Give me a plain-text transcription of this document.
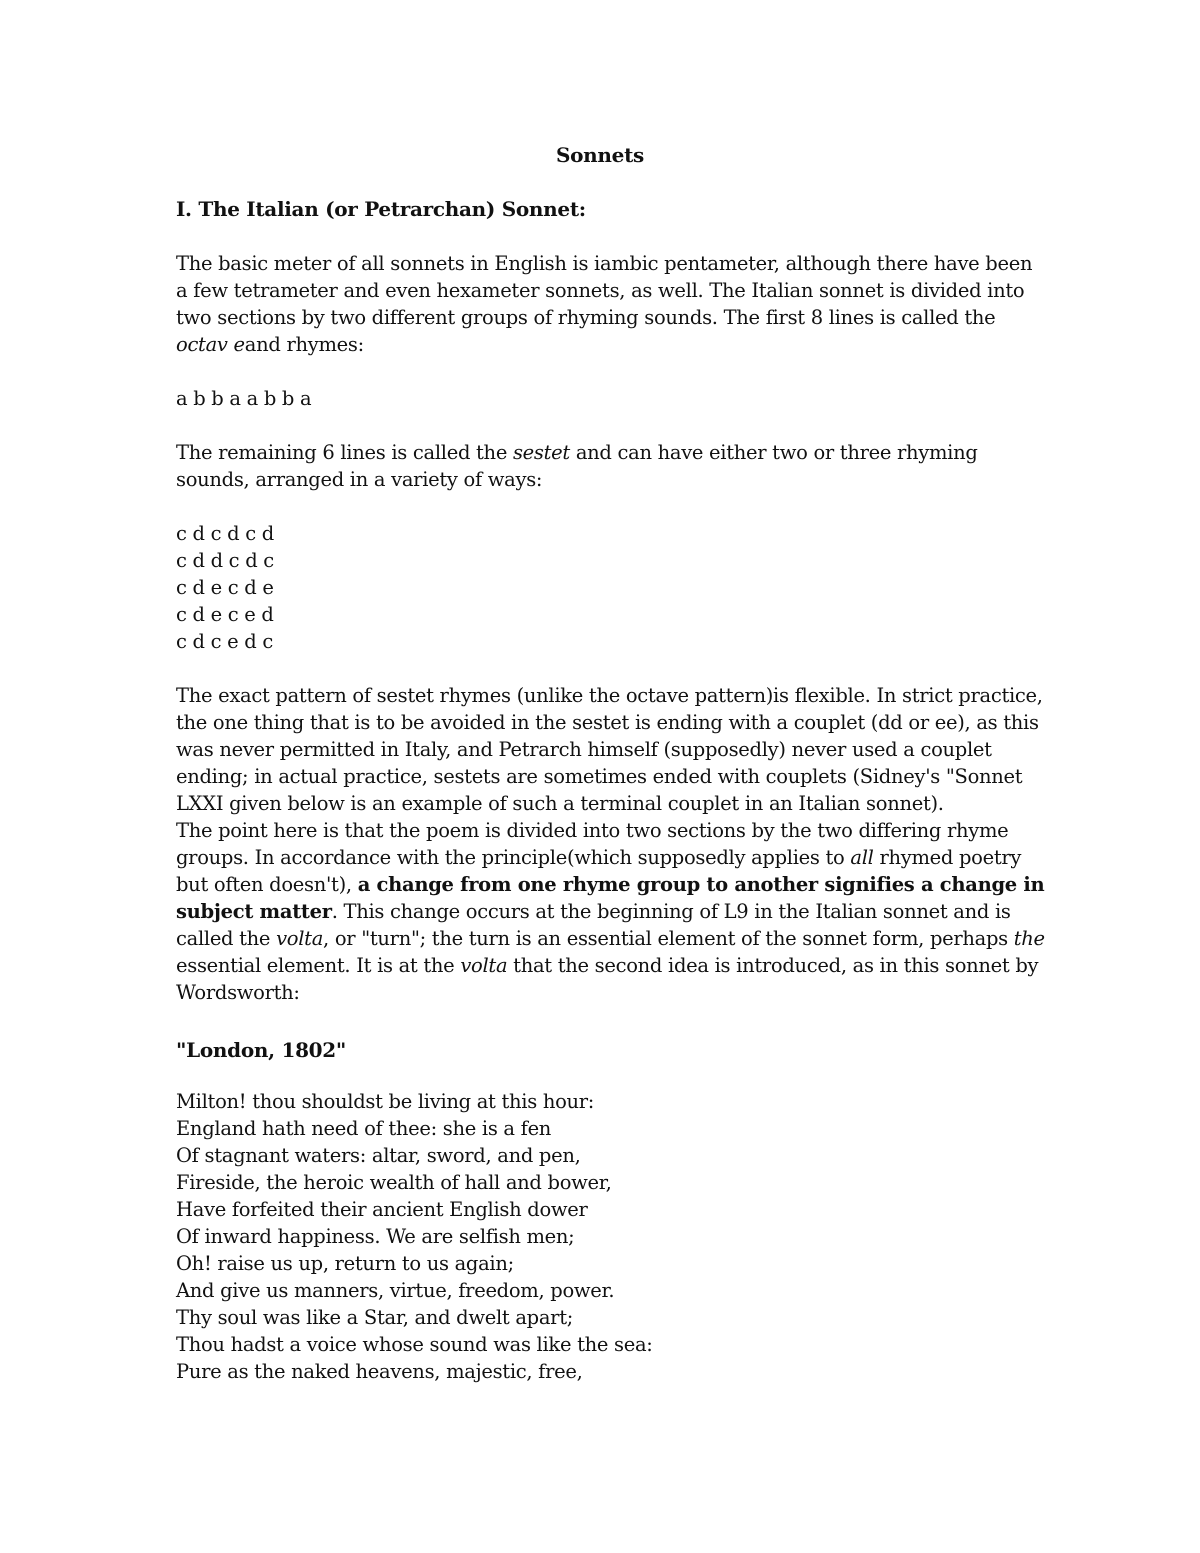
Sonnets
I. The Italian (or Petrarchan) Sonnet:
The basic meter of all sonnets in English is iambic pentameter, although there have been
a few tetrameter and even hexameter sonnets, as well. The Italian sonnet is divided into
two sections by two different groups of rhyming sounds. The first 8 lines is called the
octav eand rhymes:
a b b a a b b a
The remaining 6 lines is called the sestet and can have either two or three rhyming
sounds, arranged in a variety of ways:
c d c d c d
c d d c d c
c d e c d e
c d e c e d
c d c e d c
The exact pattern of sestet rhymes (unlike the octave pattern)is flexible. In strict practice,
the one thing that is to be avoided in the sestet is ending with a couplet (dd or ee), as this
was never permitted in Italy, and Petrarch himself (supposedly) never used a couplet
ending; in actual practice, sestets are sometimes ended with couplets (Sidney's "Sonnet
LXXI given below is an example of such a terminal couplet in an Italian sonnet).
The point here is that the poem is divided into two sections by the two differing rhyme
groups. In accordance with the principle(which supposedly applies to all rhymed poetry
but often doesn't), a change from one rhyme group to another signifies a change in
subject matter. This change occurs at the beginning of L9 in the Italian sonnet and is
called the volta, or "turn"; the turn is an essential element of the sonnet form, perhaps the
essential element. It is at the volta that the second idea is introduced, as in this sonnet by
Wordsworth:
"London, 1802"
Milton! thou shouldst be living at this hour:
England hath need of thee: she is a fen
Of stagnant waters: altar, sword, and pen,
Fireside, the heroic wealth of hall and bower,
Have forfeited their ancient English dower
Of inward happiness. We are selfish men;
Oh! raise us up, return to us again;
And give us manners, virtue, freedom, power.
Thy soul was like a Star, and dwelt apart;
Thou hadst a voice whose sound was like the sea:
Pure as the naked heavens, majestic, free,
